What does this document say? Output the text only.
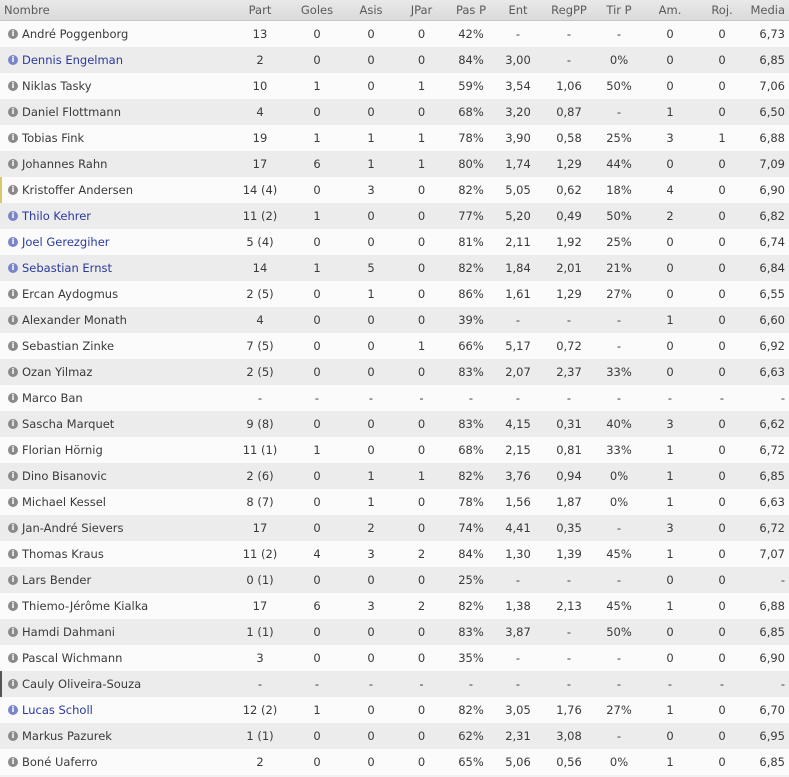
Nombre	Part	Goles	Asis	JPar	Pas P	Ent	RegPP	Tir P	Am.	Roj.	Media
i André Poggenborg	13	0	0	0	42%	-	-	-	0	0	6,73
i Dennis Engelman	2	0	0	0	84%	3,00	-	0%	0	0	6,85
i Niklas Tasky	10	1	0	1	59%	3,54	1,06	50%	0	0	7,06
i Daniel Flottmann	4	0	0	0	68%	3,20	0,87	-	1	0	6,50
i Tobias Fink	19	1	1	1	78%	3,90	0,58	25%	3	1	6,88
i Johannes Rahn	17	6	1	1	80%	1,74	1,29	44%	0	0	7,09
i Kristoffer Andersen	14 (4)	0	3	0	82%	5,05	0,62	18%	4	0	6,90
i Thilo Kehrer	11 (2)	1	0	0	77%	5,20	0,49	50%	2	0	6,82
i Joel Gerezgiher	5 (4)	0	0	0	81%	2,11	1,92	25%	0	0	6,74
i Sebastian Ernst	14	1	5	0	82%	1,84	2,01	21%	0	0	6,84
i Ercan Aydogmus	2 (5)	0	1	0	86%	1,61	1,29	27%	0	0	6,55
i Alexander Monath	4	0	0	0	39%	-	-	-	1	0	6,60
i Sebastian Zinke	7 (5)	0	0	1	66%	5,17	0,72	-	0	0	6,92
i Ozan Yilmaz	2 (5)	0	0	0	83%	2,07	2,37	33%	0	0	6,63
i Marco Ban	-	-	-	-	-	-	-	-	-	-	-
i Sascha Marquet	9 (8)	0	0	0	83%	4,15	0,31	40%	3	0	6,62
i Florian Hörnig	11 (1)	1	0	0	68%	2,15	0,81	33%	1	0	6,72
i Dino Bisanovic	2 (6)	0	1	1	82%	3,76	0,94	0%	1	0	6,85
i Michael Kessel	8 (7)	0	1	0	78%	1,56	1,87	0%	1	0	6,63
i Jan-André Sievers	17	0	2	0	74%	4,41	0,35	-	3	0	6,72
i Thomas Kraus	11 (2)	4	3	2	84%	1,30	1,39	45%	1	0	7,07
i Lars Bender	0 (1)	0	0	0	25%	-	-	-	0	0	-
i Thiemo-Jérôme Kialka	17	6	3	2	82%	1,38	2,13	45%	1	0	6,88
i Hamdi Dahmani	1 (1)	0	0	0	83%	3,87	-	50%	0	0	6,85
i Pascal Wichmann	3	0	0	0	35%	-	-	-	0	0	6,90
i Cauly Oliveira-Souza	-	-	-	-	-	-	-	-	-	-	-
i Lucas Scholl	12 (2)	1	0	0	82%	3,05	1,76	27%	1	0	6,70
i Markus Pazurek	1 (1)	0	0	0	62%	2,31	3,08	-	0	0	6,95
i Boné Uaferro	2	0	0	0	65%	5,06	0,56	0%	1	0	6,85
